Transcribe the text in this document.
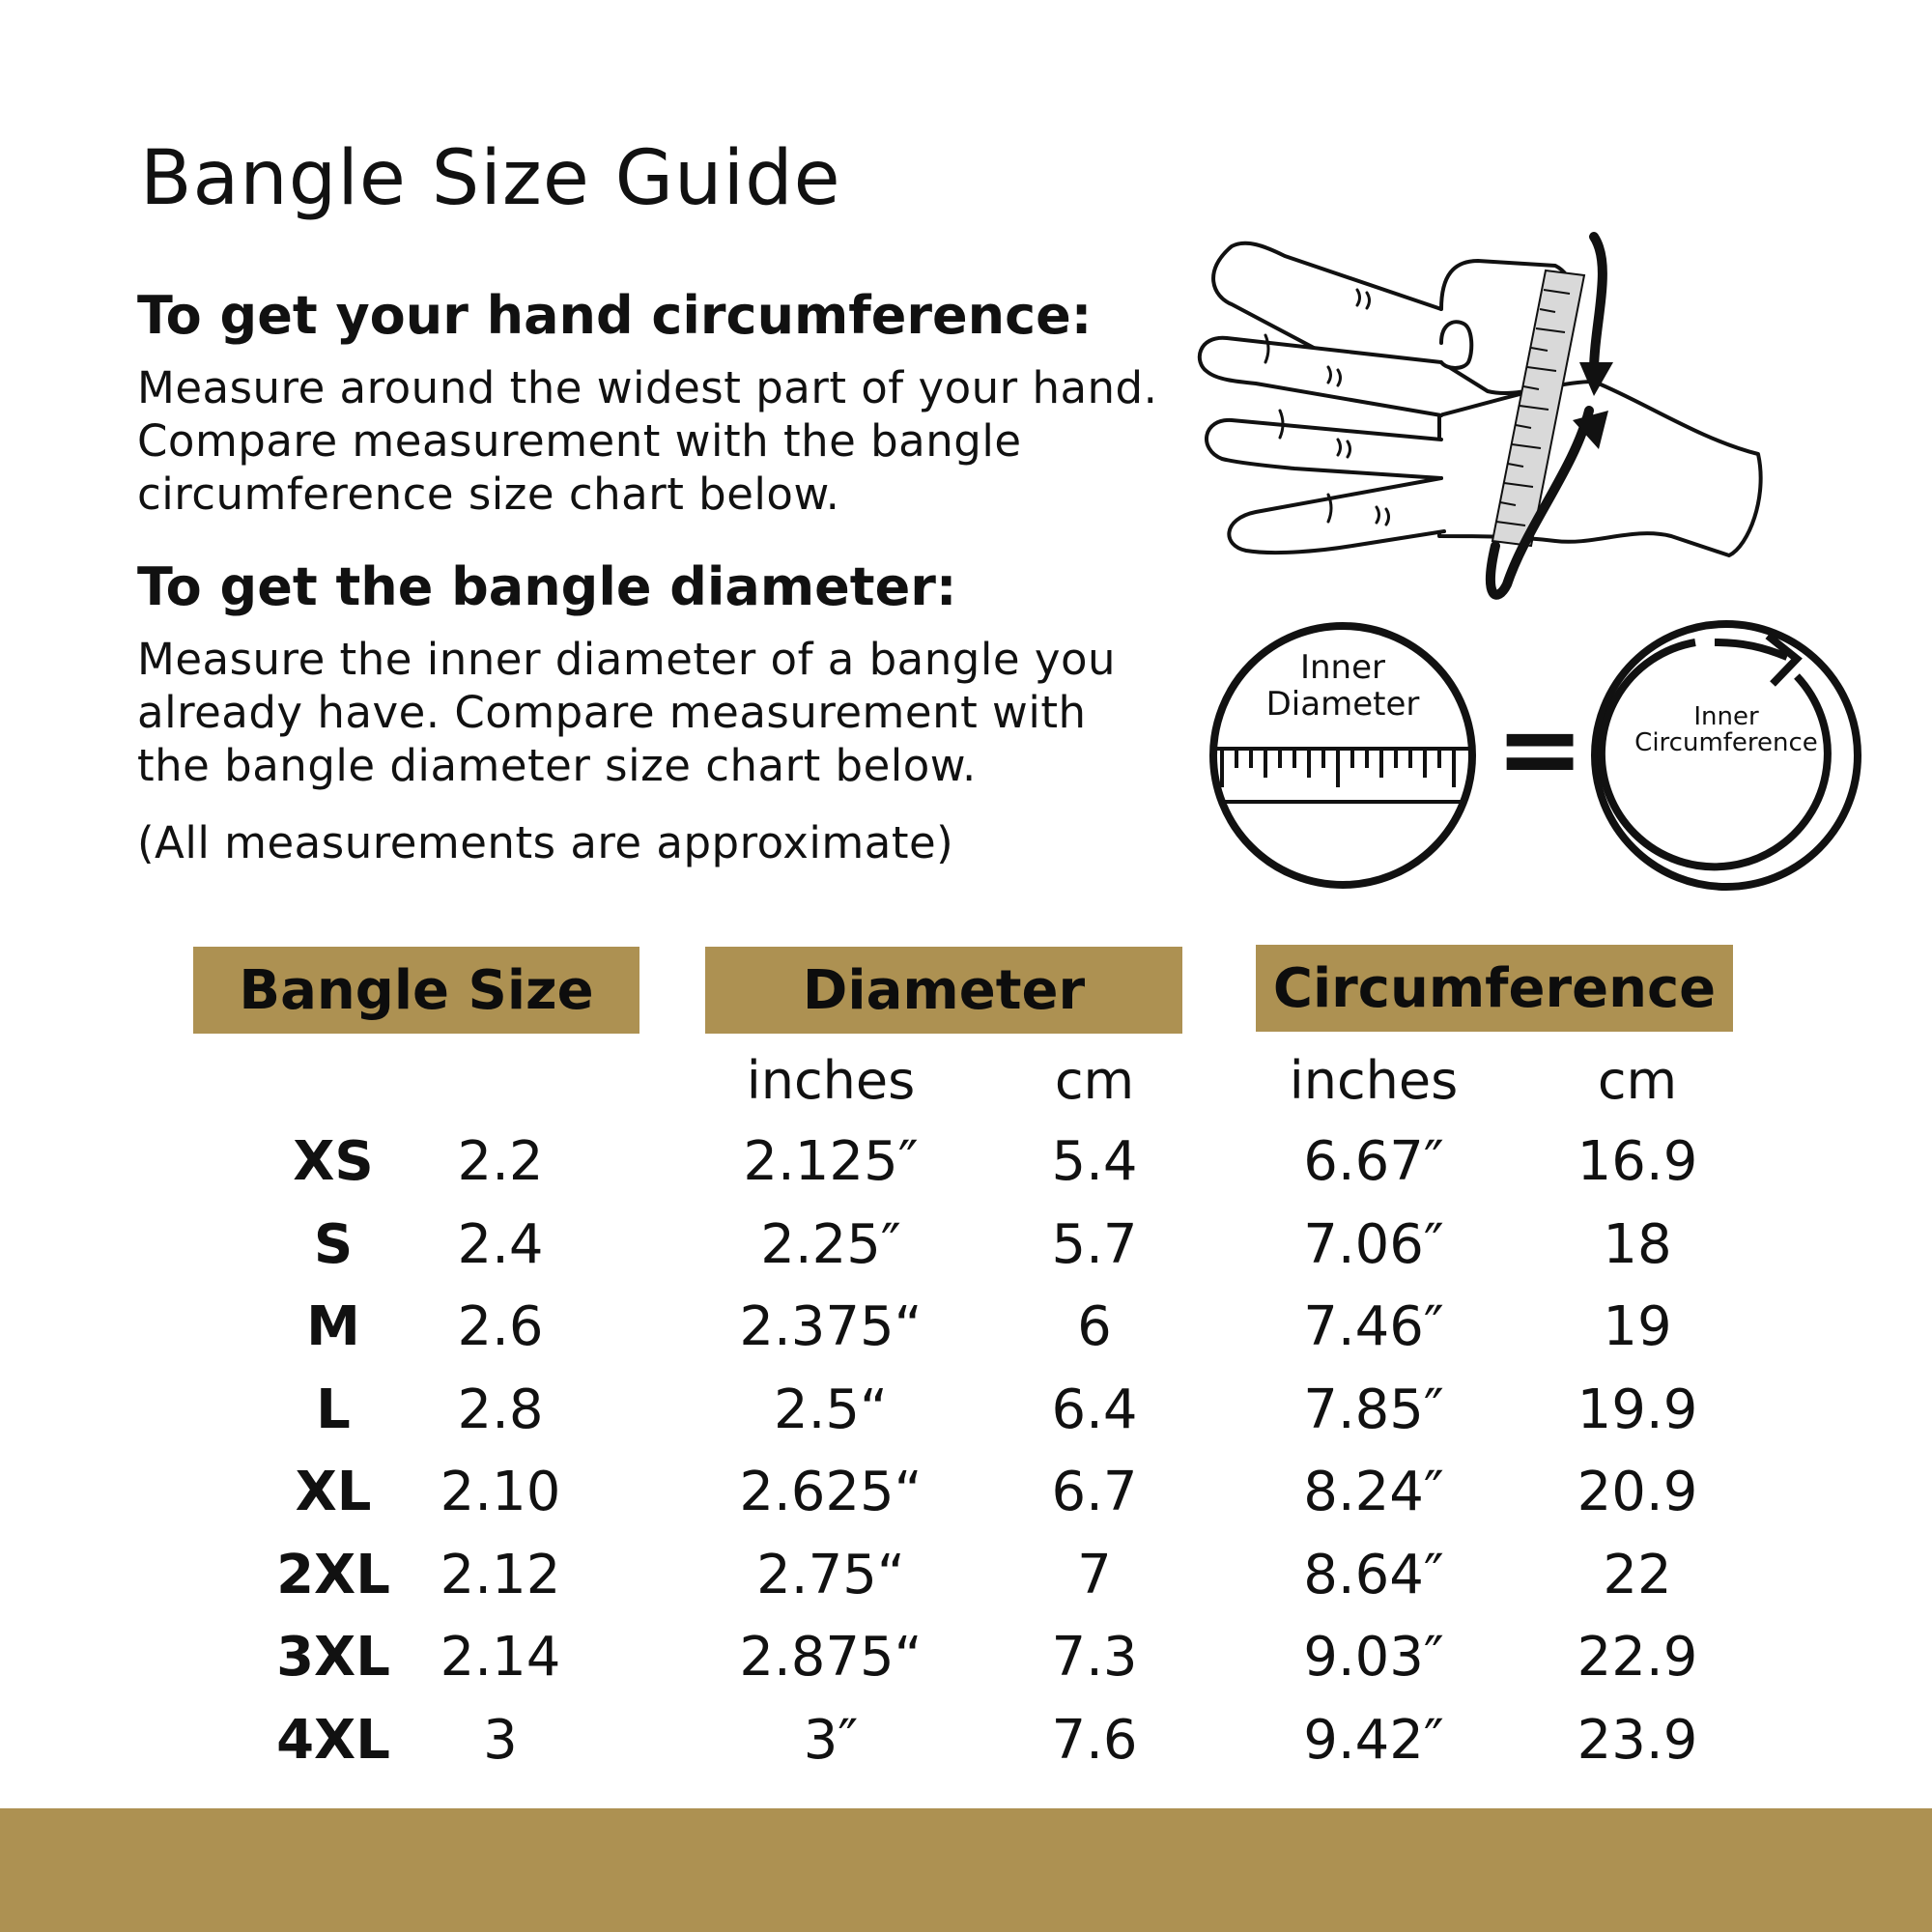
Bangle Size Guide
To get your hand circumference:
Measure around the widest part of your hand.
Compare measurement with the bangle
circumference size chart below.
To get the bangle diameter:
Measure the inner diameter of a bangle you
already have. Compare measurement with
the bangle diameter size chart below.
(All measurements are approximate)
Inner
Diameter =	Inner
Circumference
Bangle Size	Diameter	Circumference
inches	cm	inches	cm
XS	2.2	2.125″	5.4	6.67″	16.9
S	2.4	2.25″	5.7	7.06″	18
M	2.6	2.375“	6	7.46″	19
L	2.8	2.5“	6.4	7.85″	19.9
XL	2.10	2.625“	6.7	8.24″	20.9
2XL 2.12	2.75“	7	8.64″	22
3XL 2.14	2.875“	7.3	9.03″	22.9
4XL	3	3″	7.6	9.42″	23.9
